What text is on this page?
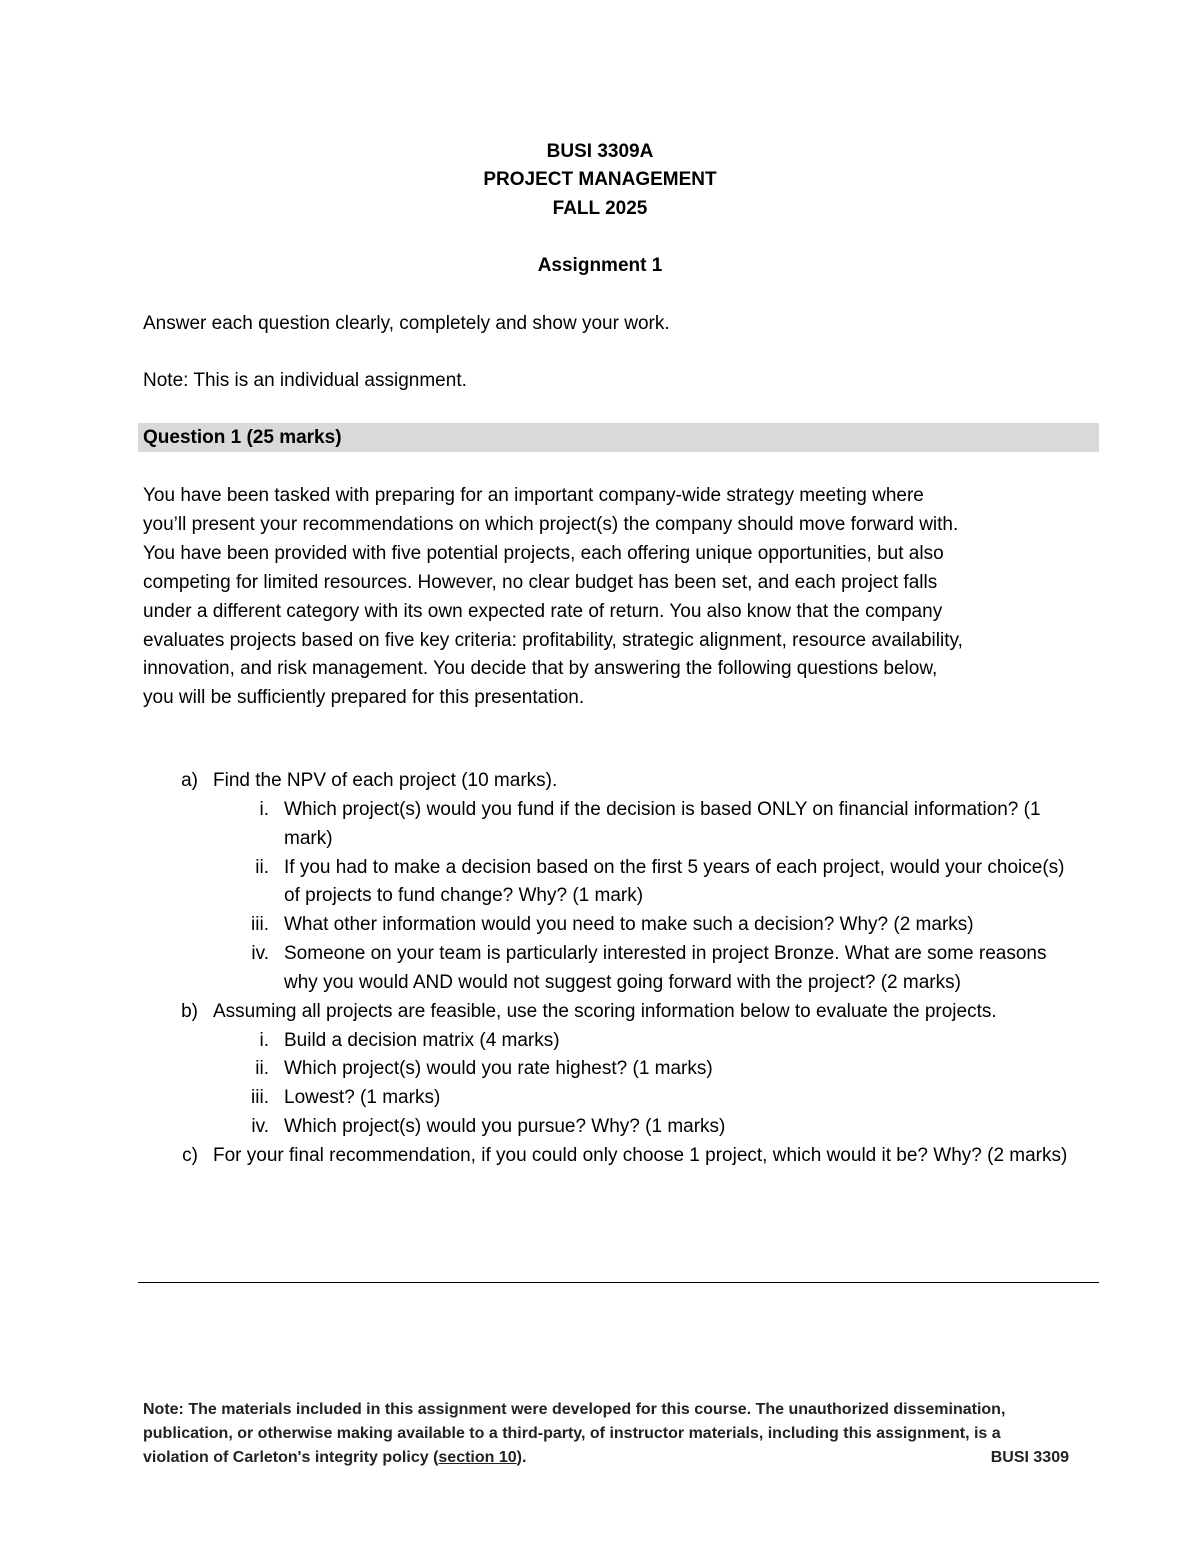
BUSI 3309A
PROJECT MANAGEMENT
FALL 2025
Assignment 1
Answer each question clearly, completely and show your work.
Note: This is an individual assignment.
Question 1 (25 marks)

You have been tasked with preparing for an important company-wide strategy meeting where

you’ll present your recommendations on which project(s) the company should move forward with.

You have been provided with five potential projects, each offering unique opportunities, but also

competing for limited resources. However, no clear budget has been set, and each project falls

under a different category with its own expected rate of return. You also know that the company

evaluates projects based on five key criteria: profitability, strategic alignment, resource availability,

innovation, and risk management. You decide that by answering the following questions below,

you will be sufficiently prepared for this presentation.

a) Find the NPV of each project (10 marks).
i. Which project(s) would you fund if the decision is based ONLY on financial information? (1 mark)
ii. If you had to make a decision based on the first 5 years of each project, would your choice(s) of projects to fund change? Why? (1 mark)
iii. What other information would you need to make such a decision? Why? (2 marks)
iv. Someone on your team is particularly interested in project Bronze. What are some reasons why you would AND would not suggest going forward with the project? (2 marks)
b) Assuming all projects are feasible, use the scoring information below to evaluate the projects.
i. Build a decision matrix (4 marks)
ii. Which project(s) would you rate highest? (1 marks)
iii. Lowest? (1 marks)
iv. Which project(s) would you pursue? Why? (1 marks)
c) For your final recommendation, if you could only choose 1 project, which would it be? Why? (2 marks)
Note: The materials included in this assignment were developed for this course. The unauthorized dissemination,
publication, or otherwise making available to a third-party, of instructor materials, including this assignment, is a
violation of Carleton's integrity policy (section 10).	BUSI 3309
